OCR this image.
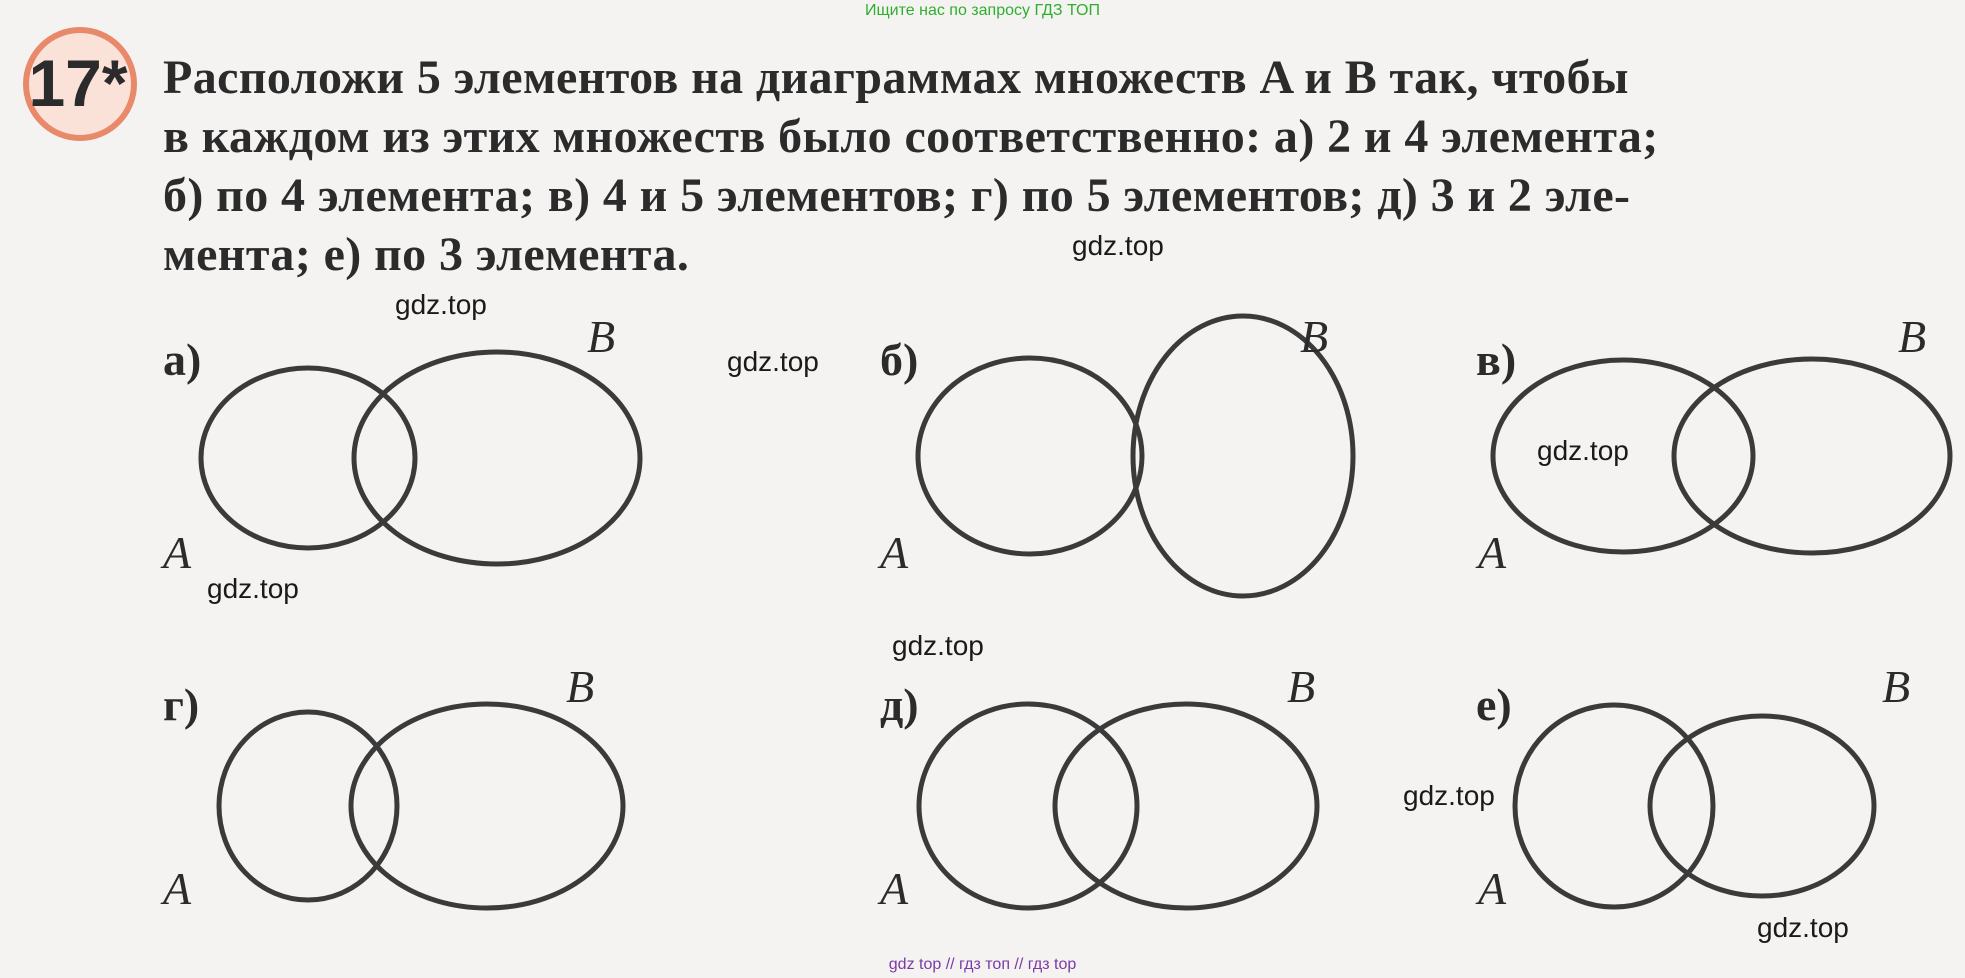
Ищите нас по запросу ГДЗ ТОП
17* Расположи 5 элементов на диаграммах множеств A и B так, чтобы
в каждом из этих множеств было соответственно: а) 2 и 4 элемента;
б) по 4 элемента; в) 4 и 5 элементов; г) по 5 элементов; д) 3 и 2 эле-
мента; е) по 3 элемента.
а)
A
B	б)
A
B	в)
A
B
г)
A
B	д)
A
B	е)
A
B
gdz.top
gdz.top
gdz.top
gdz.top
gdz.top
gdz.top
gdz.top
gdz.top
gdz top // гдз топ // гдз top
